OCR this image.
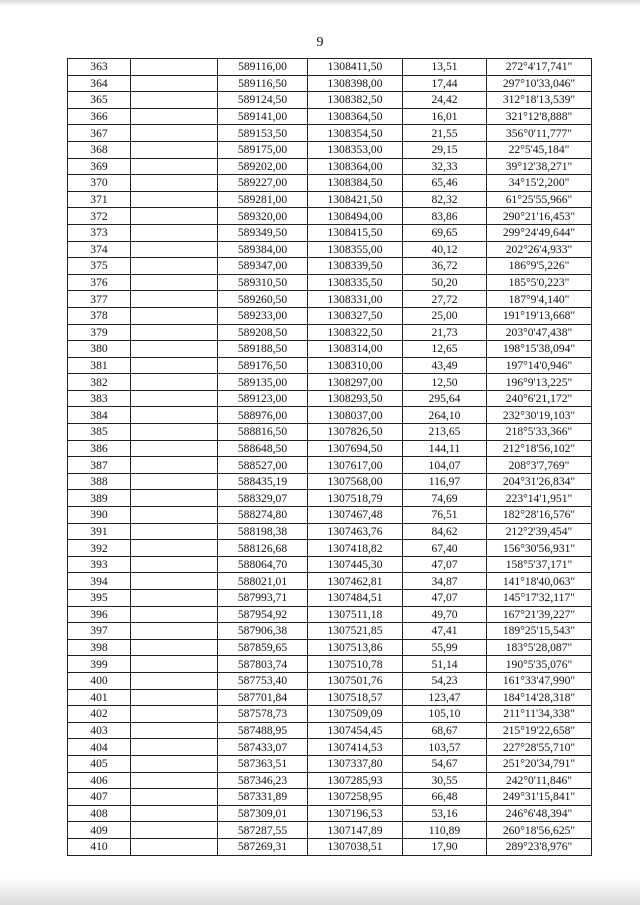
9
363		589116,00	1308411,50	13,51	272°4'17,741"
364		589116,50	1308398,00	17,44	297°10'33,046"
365		589124,50	1308382,50	24,42	312°18'13,539"
366		589141,00	1308364,50	16,01	321°12'8,888"
367		589153,50	1308354,50	21,55	356°0'11,777"
368		589175,00	1308353,00	29,15	22°5'45,184"
369		589202,00	1308364,00	32,33	39°12'38,271"
370		589227,00	1308384,50	65,46	34°15'2,200"
371		589281,00	1308421,50	82,32	61°25'55,966"
372		589320,00	1308494,00	83,86	290°21'16,453"
373		589349,50	1308415,50	69,65	299°24'49,644"
374		589384,00	1308355,00	40,12	202°26'4,933"
375		589347,00	1308339,50	36,72	186°9'5,226"
376		589310,50	1308335,50	50,20	185°5'0,223"
377		589260,50	1308331,00	27,72	187°9'4,140"
378		589233,00	1308327,50	25,00	191°19'13,668"
379		589208,50	1308322,50	21,73	203°0'47,438"
380		589188,50	1308314,00	12,65	198°15'38,094"
381		589176,50	1308310,00	43,49	197°14'0,946"
382		589135,00	1308297,00	12,50	196°9'13,225"
383		589123,00	1308293,50	295,64	240°6'21,172"
384		588976,00	1308037,00	264,10	232°30'19,103"
385		588816,50	1307826,50	213,65	218°5'33,366"
386		588648,50	1307694,50	144,11	212°18'56,102"
387		588527,00	1307617,00	104,07	208°3'7,769"
388		588435,19	1307568,00	116,97	204°31'26,834"
389		588329,07	1307518,79	74,69	223°14'1,951"
390		588274,80	1307467,48	76,51	182°28'16,576"
391		588198,38	1307463,76	84,62	212°2'39,454"
392		588126,68	1307418,82	67,40	156°30'56,931"
393		588064,70	1307445,30	47,07	158°5'37,171"
394		588021,01	1307462,81	34,87	141°18'40,063"
395		587993,71	1307484,51	47,07	145°17'32,117"
396		587954,92	1307511,18	49,70	167°21'39,227"
397		587906,38	1307521,85	47,41	189°25'15,543"
398		587859,65	1307513,86	55,99	183°5'28,087"
399		587803,74	1307510,78	51,14	190°5'35,076"
400		587753,40	1307501,76	54,23	161°33'47,990"
401		587701,84	1307518,57	123,47	184°14'28,318"
402		587578,73	1307509,09	105,10	211°11'34,338"
403		587488,95	1307454,45	68,67	215°19'22,658"
404		587433,07	1307414,53	103,57	227°28'55,710"
405		587363,51	1307337,80	54,67	251°20'34,791"
406		587346,23	1307285,93	30,55	242°0'11,846"
407		587331,89	1307258,95	66,48	249°31'15,841"
408		587309,01	1307196,53	53,16	246°6'48,394"
409		587287,55	1307147,89	110,89	260°18'56,625"
410		587269,31	1307038,51	17,90	289°23'8,976"
